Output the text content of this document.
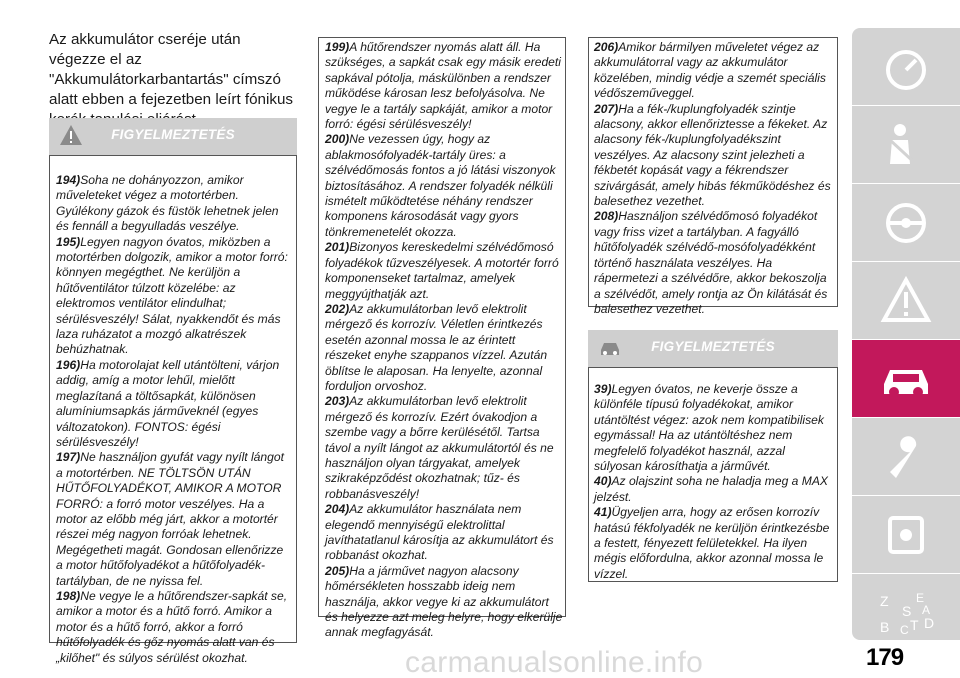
Az akkumulátor cseréje után végezze el az "Akkumulátorkarbantartás" címszó alatt ebben a fejezetben leírt fónikus
FIGYELMEZTETÉS

194)Soha ne dohányozzon, amikor műveleteket végez a motortérben. Gyúlékony gázok és füstök lehetnek jelen és fennáll a begyulladás veszélye.

195)Legyen nagyon óvatos, miközben a motortérben dolgozik, amikor a motor forró: könnyen megégthet. Ne kerüljön a hűtőventilátor túlzott közelébe: az elektromos ventilátor elindulhat; sérülésveszély! Sálat, nyakkendőt és más laza ruházatot a mozgó alkatrészek behúzhatnak.

196)Ha motorolajat kell utántölteni, várjon addig, amíg a motor lehűl, mielőtt meglazítaná a töltősapkát, különösen alumíniumsapkás járműveknél (egyes változatokon). FONTOS: égési sérülésveszély!

197)Ne használjon gyufát vagy nyílt lángot a motortérben. NE TÖLTSÖN UTÁN HŰTŐFOLYADÉKOT, AMIKOR A MOTOR FORRÓ: a forró motor veszélyes. Ha a motor az előbb még járt, akkor a motortér részei még nagyon forróak lehetnek. Megégetheti magát. Gondosan ellenőrizze a motor hűtőfolyadékot a hűtőfolyadék-tartályban, de ne nyissa fel.

198)Ne vegye le a hűtőrendszer-sapkát se, amikor a motor és a hűtő forró. Amikor a motor és a hűtő forró, akkor a forró hűtőfolyadék és gőz nyomás alatt van és „kilőhet" és súlyos sérülést okozhat.

199)A hűtőrendszer nyomás alatt áll. Ha szükséges, a sapkát csak egy másik eredeti sapkával pótolja, máskülönben a rendszer működése károsan lesz befolyásolva. Ne vegye le a tartály sapkáját, amikor a motor forró: égési sérülésveszély!

200)Ne vezessen úgy, hogy az ablakmosófolyadék-tartály üres: a szélvédőmosás fontos a jó látási viszonyok biztosításához. A rendszer folyadék nélküli ismételt működtetése néhány rendszer komponens károsodását vagy gyors tönkremenetelét okozza.

201)Bizonyos kereskedelmi szélvédőmosó folyadékok tűzveszélyesek. A motortér forró komponenseket tartalmaz, amelyek meggyújthatják azt.

202)Az akkumulátorban levő elektrolit mérgező és korrozív. Véletlen érintkezés esetén azonnal mossa le az érintett részeket enyhe szappanos vízzel. Azután öblítse le alaposan. Ha lenyelte, azonnal forduljon orvoshoz.

203)Az akkumulátorban levő elektrolit mérgező és korrozív. Ezért óvakodjon a szembe vagy a bőrre kerülésétől. Tartsa távol a nyílt lángot az akkumulátortól és ne használjon olyan tárgyakat, amelyek szikraképződést okozhatnak; tűz- és robbanásveszély!

204)Az akkumulátor használata nem elegendő mennyiségű elektrolittal javíthatatlanul károsítja az akkumulátort és robbanást okozhat.

205)Ha a járművet nagyon alacsony hőmérsékleten hosszabb ideig nem használja, akkor vegye ki az akkumulátort és helyezze azt meleg helyre, hogy elkerülje annak megfagyását.

206)Amikor bármilyen műveletet végez az akkumulátorral vagy az akkumulátor közelében, mindig védje a szemét speciális védőszeműveggel.

207)Ha a fék-/kuplungfolyadék szintje alacsony, akkor ellenőriztesse a fékeket. Az alacsony fék-/kuplungfolyadékszint veszélyes. Az alacsony szint jelezheti a fékbetét kopását vagy a fékrendszer szivárgását, amely hibás fékműködéshez és balesethez vezethet.

208)Használjon szélvédőmosó folyadékot vagy friss vizet a tartályban. A fagyálló hűtőfolyadék szélvédő-mosófolyadékként történő használata veszélyes. Ha rápermetezi a szélvédőre, akkor bekoszolja a szélvédőt, amely rontja az Ön kilátását és balesethez vezethet.

FIGYELMEZTETÉS

39)Legyen óvatos, ne keverje össze a különféle típusú folyadékokat, amikor utántöltést végez: azok nem kompatibilisek egymással! Ha az utántöltéshez nem megfelelő folyadékot használ, azzal súlyosan károsíthatja a járművét.

40)Az olajszint soha ne haladja meg a MAX jelzést.

41)Ügyeljen arra, hogy az erősen korrozív hatású fékfolyadék ne kerüljön érintkezésbe a festett, fényezett felületekkel. Ha ilyen mégis előfordulna, akkor azonnal mossa le vízzel.

Z E
B C T D
S A
carmanualsonline.info	179
